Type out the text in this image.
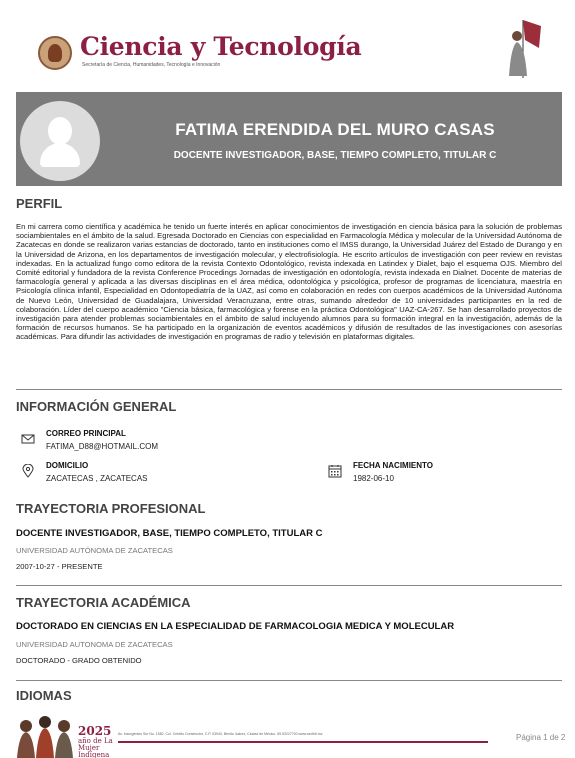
Ciencia y Tecnología
Secretaría de Ciencia, Humanidades, Tecnología e Innovación
FATIMA ERENDIDA DEL MURO CASAS
DOCENTE INVESTIGADOR, BASE, TIEMPO COMPLETO, TITULAR C
PERFIL
En mi carrera como científica y académica he tenido un fuerte interés en aplicar conocimientos de investigación en ciencia básica para la solución de problemas sociambientales en el ámbito de la salud. Egresada Doctorado en Ciencias con especialidad en Farmacología Médica y molecular de la Universidad Autónoma de Zacatecas en donde se realizaron varias estancias de doctorado, tanto en instituciones como el IMSS durango, la Universidad Juárez del Estado de Durango y en la Universidad de Arizona, en los departamentos de investigación molecular, y electrofisiología. He escrito artículos de investigación con peer review en revistas indexadas. En la actualizad fungo como editora de la revista Contexto Odontológico, revista indexada en Latindex y Dialet, bajo el esquema OJS. Miembro del Comité editorial y fundadora de la revista Conference Procedings Jornadas de investigación en odontología, revista indexada en Dialnet. Docente de materias de farmacología general y aplicada a las diversas disciplinas en el área médica, odontológica y psicológica, profesor de programas de licenciatura, maestría en Psicología clínica infantil, Especialidad en Odontopediatría de la UAZ, así como en colaboración en redes con cuerpos académicos de la Universidad Autónoma de Nuevo León, Universidad de Guadalajara, Universidad Veracruzana, entre otras, sumando alrededor de 10 universidades participantes en la red de colaboración. Líder del cuerpo académico "Ciencia básica, farmacológica y forense en la práctica Odontológica" UAZ-CA-267. Se han desarrollado proyectos de investigación para atender problemas sociambientales en el ámbito de salud incluyendo alumnos para su formación integral en la investigación, además de la formación de recursos humanos. Se ha participado en la organización de eventos académicos y difusión de resultados de las investigaciones con asesorías académicas. Para difundir las actividades de investigación en programas de radio y televisión en plataformas digitales.
INFORMACIÓN GENERAL
CORREO PRINCIPAL
FATIMA_D88@HOTMAIL.COM
DOMICILIO
ZACATECAS , ZACATECAS
FECHA NACIMIENTO
1982-06-10
TRAYECTORIA PROFESIONAL
DOCENTE INVESTIGADOR, BASE, TIEMPO COMPLETO, TITULAR C
UNIVERSIDAD AUTÓNOMA DE ZACATECAS
2007-10-27 - PRESENTE
TRAYECTORIA ACADÉMICA
DOCTORADO EN CIENCIAS EN LA ESPECIALIDAD DE FARMACOLOGIA MEDICA Y MOLECULAR
UNIVERSIDAD AUTONOMA DE ZACATECAS
DOCTORADO - GRADO OBTENIDO
IDIOMAS
2025
año de La Mujer Indígena
Av. Insurgentes Sur No. 1582, Col. Crédito Constructor, C.P. 03940, Benito Juárez, Ciudad de México. 55 53227700 www.secihti.mx	Página 1 de 2
